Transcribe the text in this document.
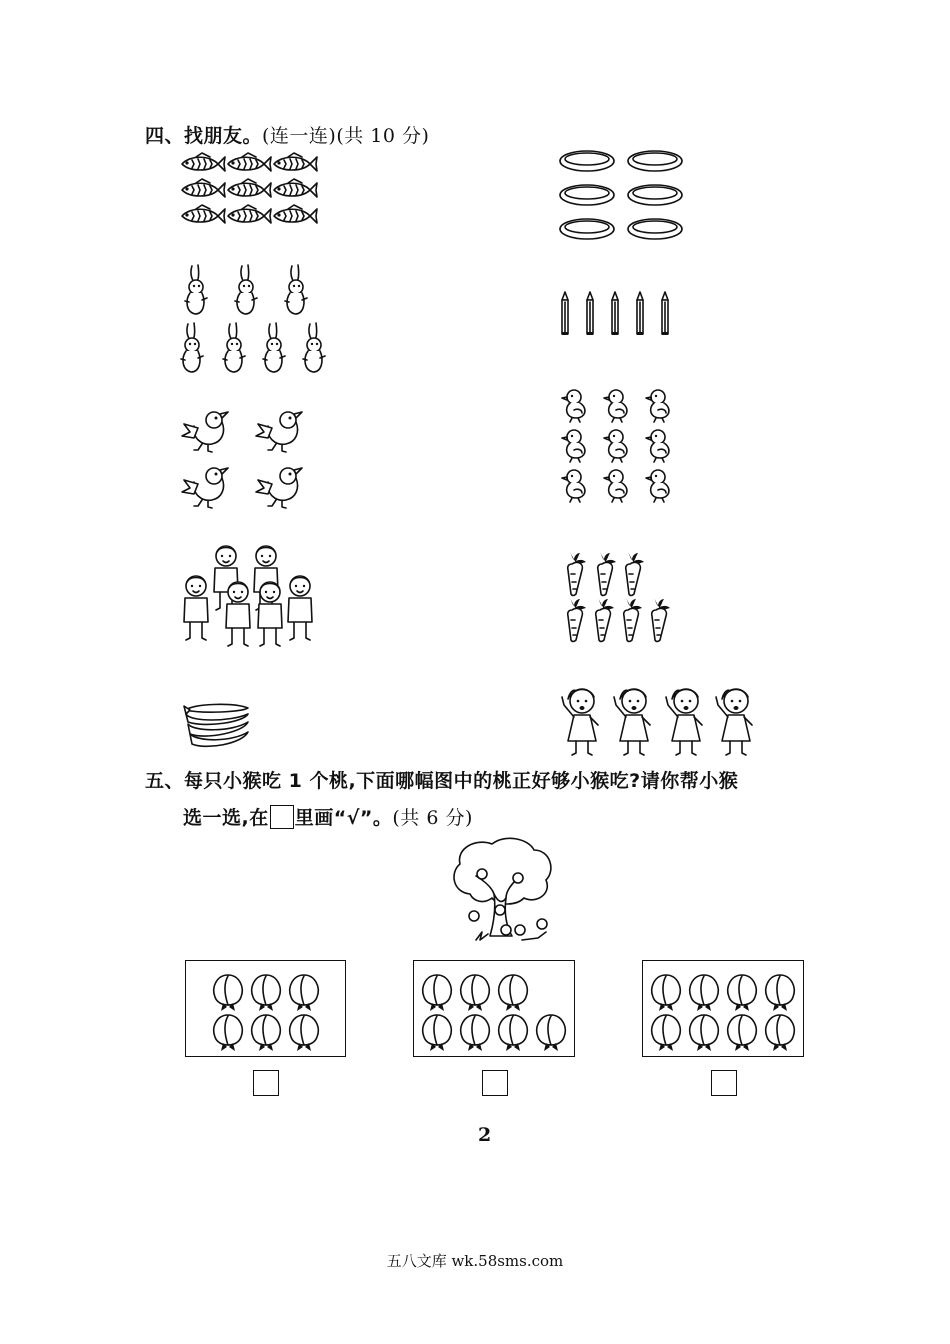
四、找朋友。(连一连)(共 10 分)
五、每只小猴吃 1 个桃,下面哪幅图中的桃正好够小猴吃?请你帮小猴
选一选,在 里画“√”。(共 6 分)
2
五八文库 wk.58sms.com
